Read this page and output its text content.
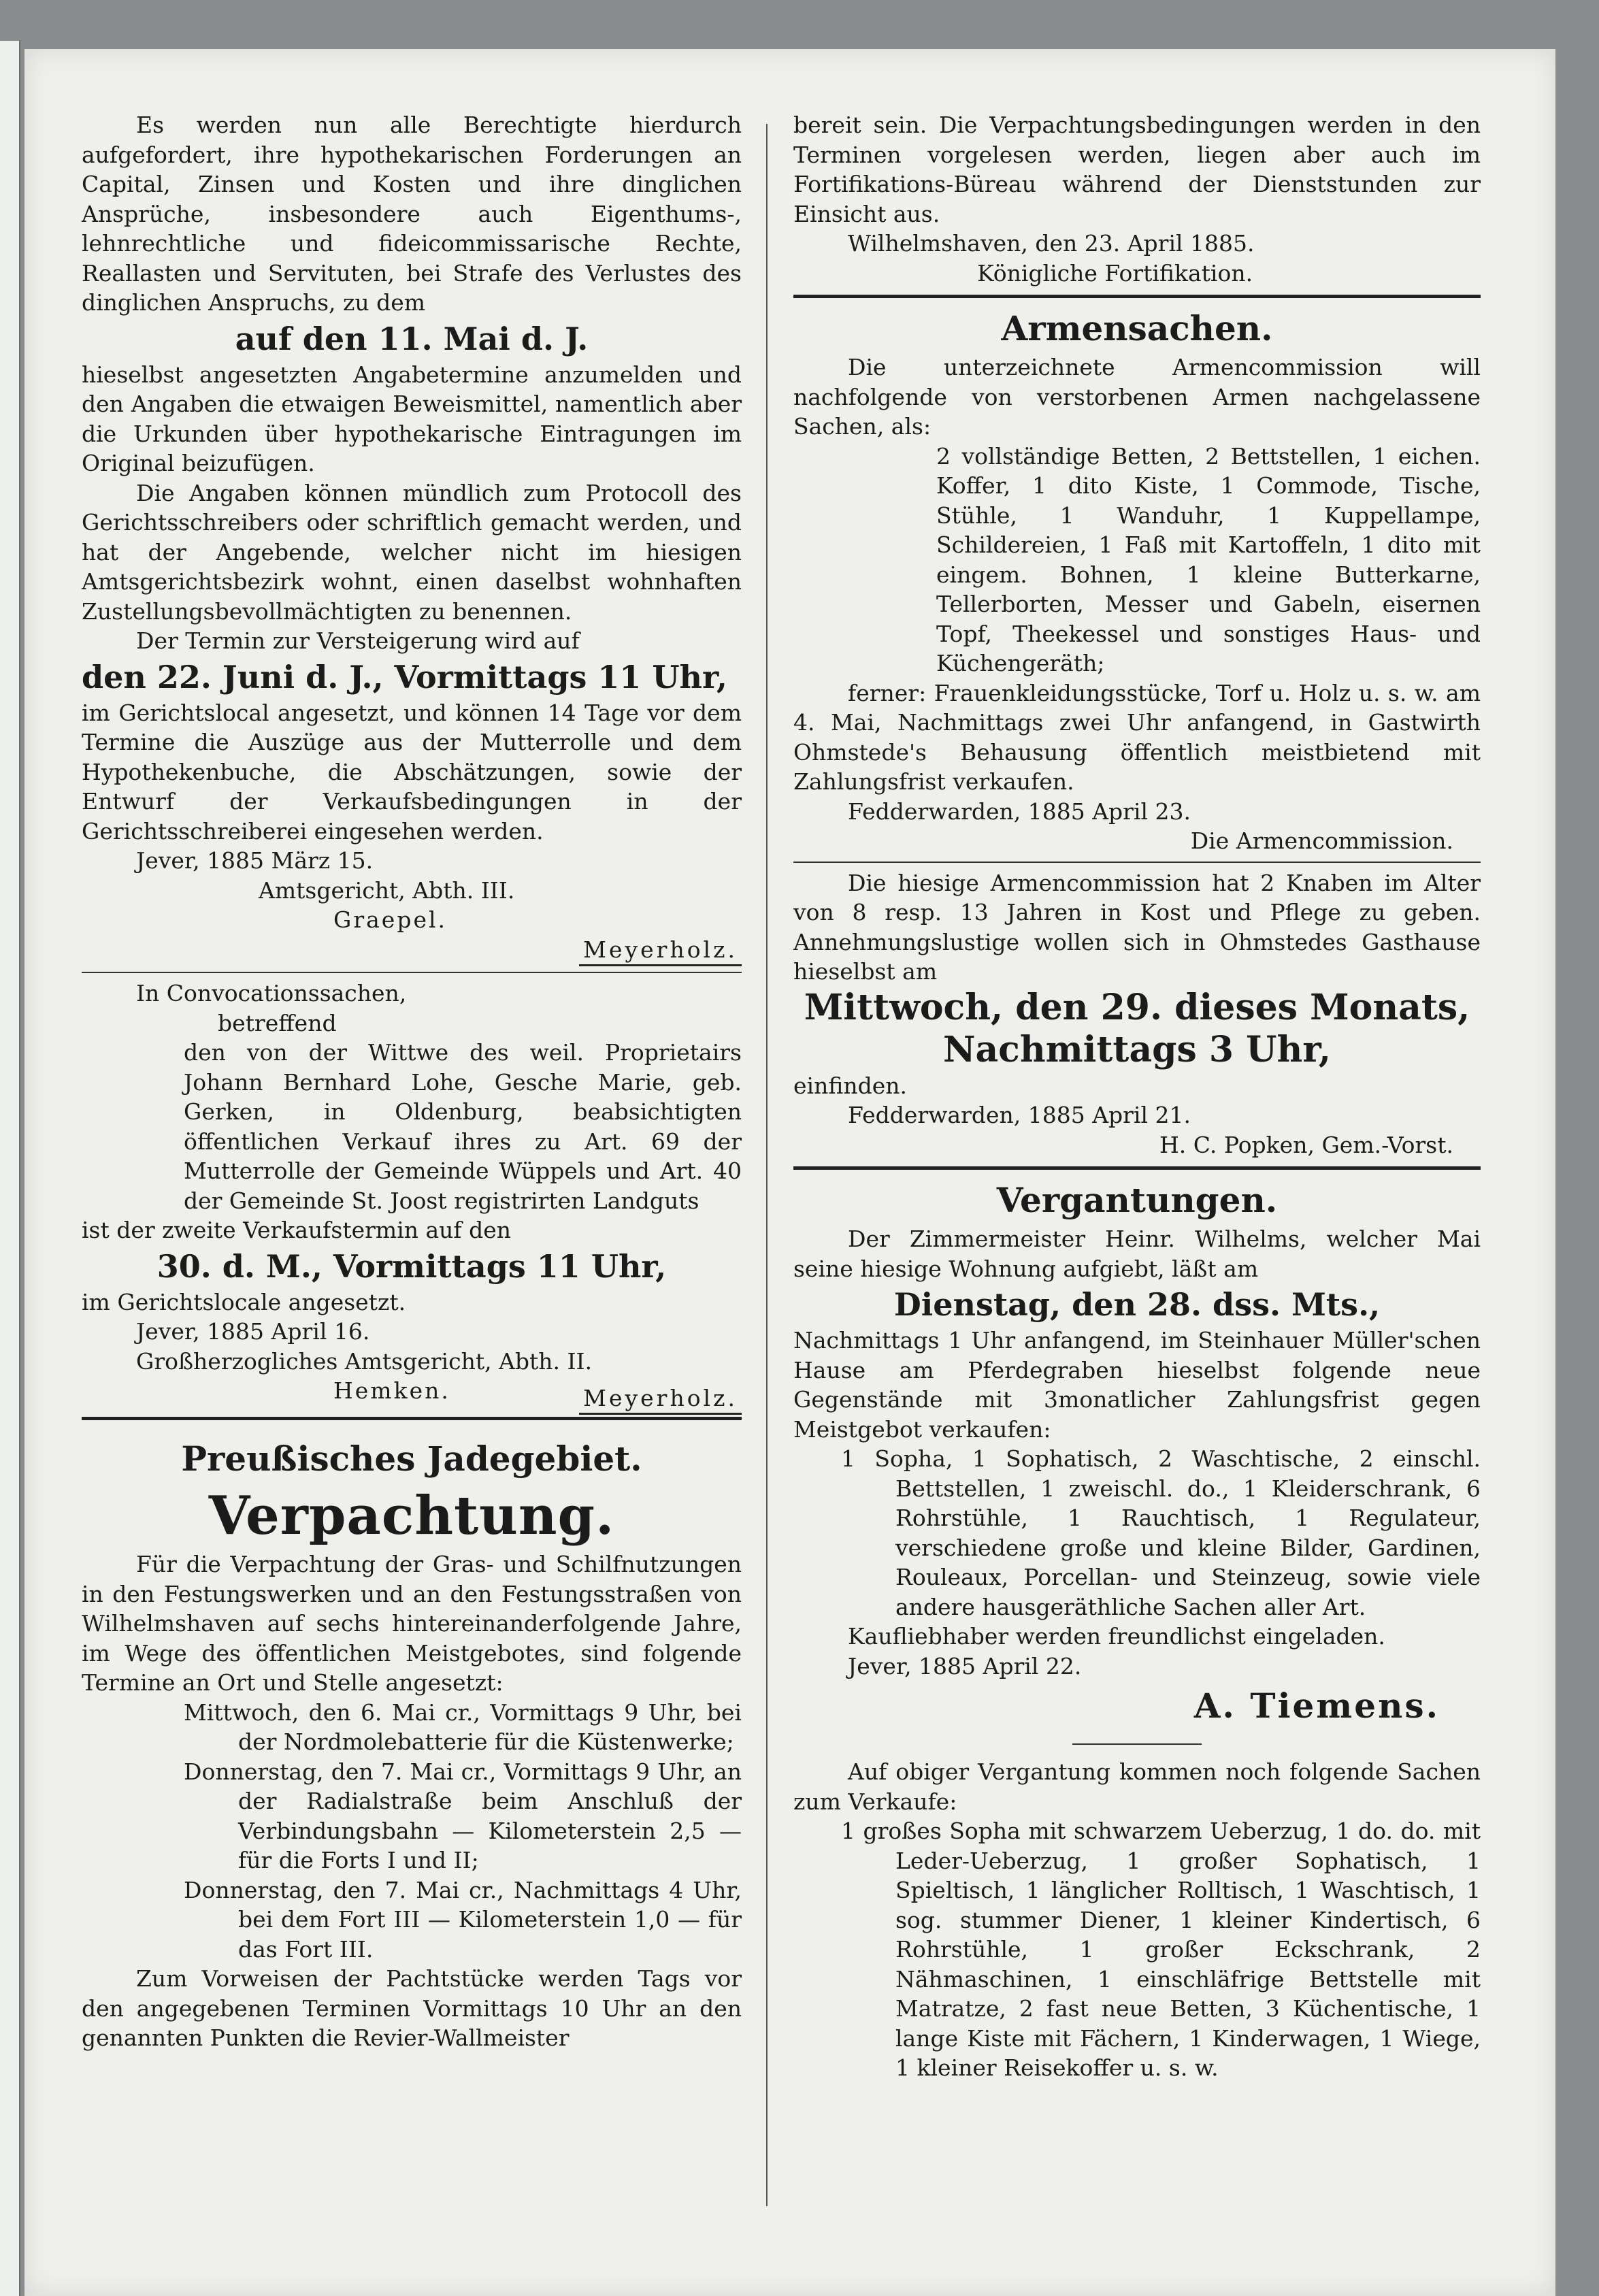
Es werden nun alle Berechtigte hierdurch aufgefordert, ihre hypothekarischen Forderungen an Capital, Zinsen und Kosten und ihre dinglichen Ansprüche, insbesondere auch Eigenthums-, lehnrechtliche und fideicommissarische Rechte, Reallasten und Servituten, bei Strafe des Verlustes des dinglichen Anspruchs, zu dem

auf den 11. Mai d. J.

hieselbst angesetzten Angabetermine anzumelden und den Angaben die etwaigen Beweismittel, namentlich aber die Urkunden über hypothekarische Eintragungen im Original beizufügen.

Die Angaben können mündlich zum Protocoll des Gerichtsschreibers oder schriftlich gemacht werden, und hat der Angebende, welcher nicht im hiesigen Amtsgerichtsbezirk wohnt, einen daselbst wohnhaften Zustellungsbevollmächtigten zu benennen.

Der Termin zur Versteigerung wird auf

den 22. Juni d. J., Vormittags 11 Uhr,

im Gerichtslocal angesetzt, und können 14 Tage vor dem Termine die Auszüge aus der Mutterrolle und dem Hypothekenbuche, die Abschätzungen, sowie der Entwurf der Verkaufsbedingungen in der Gerichtsschreiberei eingesehen werden.

Jever, 1885 März 15.

Amtsgericht, Abth. III.

Graepel.

Meyerholz.

In Convocationssachen,

betreffend

den von der Wittwe des weil. Proprietairs Johann Bernhard Lohe, Gesche Marie, geb. Gerken, in Oldenburg, beabsichtigten öffentlichen Verkauf ihres zu Art. 69 der Mutterrolle der Gemeinde Wüppels und Art. 40 der Gemeinde St. Joost registrirten Landguts

ist der zweite Verkaufstermin auf den

30. d. M., Vormittags 11 Uhr,

im Gerichtslocale angesetzt.

Jever, 1885 April 16.

Großherzogliches Amtsgericht, Abth. II.

Hemken.	Meyerholz.

Preußisches Jadegebiet.

Verpachtung.

Für die Verpachtung der Gras- und Schilfnutzungen in den Festungswerken und an den Festungsstraßen von Wilhelmshaven auf sechs hintereinanderfolgende Jahre, im Wege des öffentlichen Meistgebotes, sind folgende Termine an Ort und Stelle angesetzt:

Mittwoch, den 6. Mai cr., Vormittags 9 Uhr, bei der Nordmolebatterie für die Küstenwerke;

Donnerstag, den 7. Mai cr., Vormittags 9 Uhr, an der Radialstraße beim Anschluß der Verbindungsbahn — Kilometerstein 2,5 — für die Forts I und II;

Donnerstag, den 7. Mai cr., Nachmittags 4 Uhr, bei dem Fort III — Kilometerstein 1,0 — für das Fort III.

Zum Vorweisen der Pachtstücke werden Tags vor den angegebenen Terminen Vormittags 10 Uhr an den genannten Punkten die Revier-Wallmeister

bereit sein. Die Verpachtungsbedingungen werden in den Terminen vorgelesen werden, liegen aber auch im Fortifikations-Büreau während der Dienststunden zur Einsicht aus.

Wilhelmshaven, den 23. April 1885.

Königliche Fortifikation.

Armensachen.

Die unterzeichnete Armencommission will nachfolgende von verstorbenen Armen nachgelassene Sachen, als:

2 vollständige Betten, 2 Bettstellen, 1 eichen. Koffer, 1 dito Kiste, 1 Commode, Tische, Stühle, 1 Wanduhr, 1 Kuppellampe, Schildereien, 1 Faß mit Kartoffeln, 1 dito mit eingem. Bohnen, 1 kleine Butterkarne, Tellerborten, Messer und Gabeln, eisernen Topf, Theekessel und sonstiges Haus- und Küchengeräth;

ferner: Frauenkleidungsstücke, Torf u. Holz u. s. w. am 4. Mai, Nachmittags zwei Uhr anfangend, in Gastwirth Ohmstede's Behausung öffentlich meistbietend mit Zahlungsfrist verkaufen.

Fedderwarden, 1885 April 23.

Die Armencommission.

Die hiesige Armencommission hat 2 Knaben im Alter von 8 resp. 13 Jahren in Kost und Pflege zu geben. Annehmungslustige wollen sich in Ohmstedes Gasthause hieselbst am

Mittwoch, den 29. dieses Monats,

Nachmittags 3 Uhr,

einfinden.

Fedderwarden, 1885 April 21.

H. C. Popken, Gem.-Vorst.

Vergantungen.

Der Zimmermeister Heinr. Wilhelms, welcher Mai seine hiesige Wohnung aufgiebt, läßt am

Dienstag, den 28. dss. Mts.,

Nachmittags 1 Uhr anfangend, im Steinhauer Müller'schen Hause am Pferdegraben hieselbst folgende neue Gegenstände mit 3monatlicher Zahlungsfrist gegen Meistgebot verkaufen:

1 Sopha, 1 Sophatisch, 2 Waschtische, 2 einschl. Bettstellen, 1 zweischl. do., 1 Kleiderschrank, 6 Rohrstühle, 1 Rauchtisch, 1 Regulateur, verschiedene große und kleine Bilder, Gardinen, Rouleaux, Porcellan- und Steinzeug, sowie viele andere hausgeräthliche Sachen aller Art.

Kaufliebhaber werden freundlichst eingeladen.

Jever, 1885 April 22.

A. Tiemens.

Auf obiger Vergantung kommen noch folgende Sachen zum Verkaufe:

1 großes Sopha mit schwarzem Ueberzug, 1 do. do. mit Leder-Ueberzug, 1 großer Sophatisch, 1 Spieltisch, 1 länglicher Rolltisch, 1 Waschtisch, 1 sog. stummer Diener, 1 kleiner Kindertisch, 6 Rohrstühle, 1 großer Eckschrank, 2 Nähmaschinen, 1 einschläfrige Bettstelle mit Matratze, 2 fast neue Betten, 3 Küchentische, 1 lange Kiste mit Fächern, 1 Kinderwagen, 1 Wiege, 1 kleiner Reisekoffer u. s. w.
